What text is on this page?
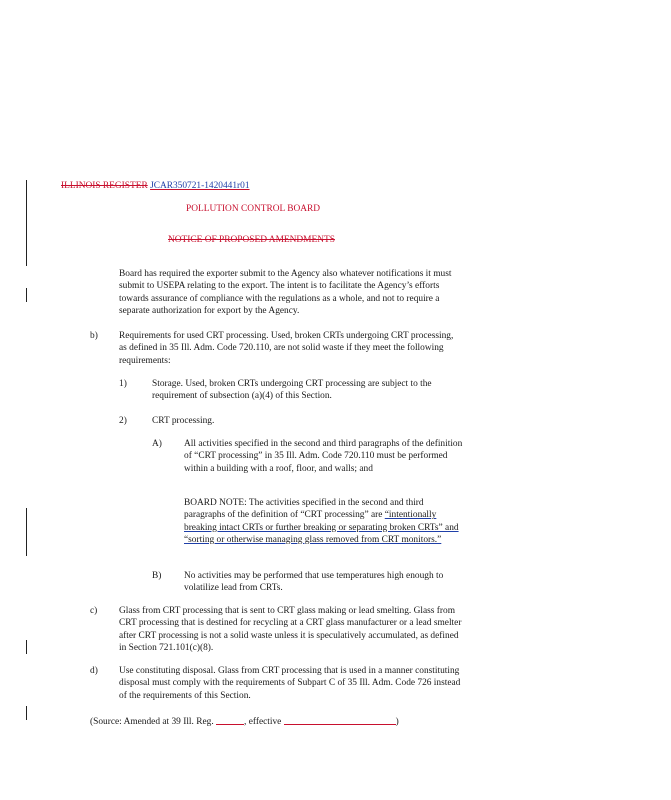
ILLINOIS REGISTER JCAR350721-1420441r01
POLLUTION CONTROL BOARD
NOTICE OF PROPOSED AMENDMENTS
Board has required the exporter submit to the Agency also whatever notifications it must submit to USEPA relating to the export. The intent is to facilitate the Agency’s efforts towards assurance of compliance with the regulations as a whole, and not to require a separate authorization for export by the Agency.
b) Requirements for used CRT processing. Used, broken CRTs undergoing CRT processing, as defined in 35 Ill. Adm. Code 720.110, are not solid waste if they meet the following requirements:
1)	Storage. Used, broken CRTs undergoing CRT processing are subject to the requirement of subsection (a)(4) of this Section.
2)	CRT processing.
A) All activities specified in the second and third paragraphs of the definition of “CRT processing” in 35 Ill. Adm. Code 720.110 must be performed within a building with a roof, floor, and walls; and
BOARD NOTE: The activities specified in the second and third paragraphs of the definition of “CRT processing” are “intentionally breaking intact CRTs or further breaking or separating broken CRTs” and “sorting or otherwise managing glass removed from CRT monitors.”
B) No activities may be performed that use temperatures high enough to volatilize lead from CRTs.
c) Glass from CRT processing that is sent to CRT glass making or lead smelting. Glass from CRT processing that is destined for recycling at a CRT glass manufacturer or a lead smelter after CRT processing is not a solid waste unless it is speculatively accumulated, as defined in Section 721.101(c)(8).
d) Use constituting disposal. Glass from CRT processing that is used in a manner constituting disposal must comply with the requirements of Subpart C of 35 Ill. Adm. Code 726 instead of the requirements of this Section.
(Source: Amended at 39 Ill. Reg.	, effective	)
